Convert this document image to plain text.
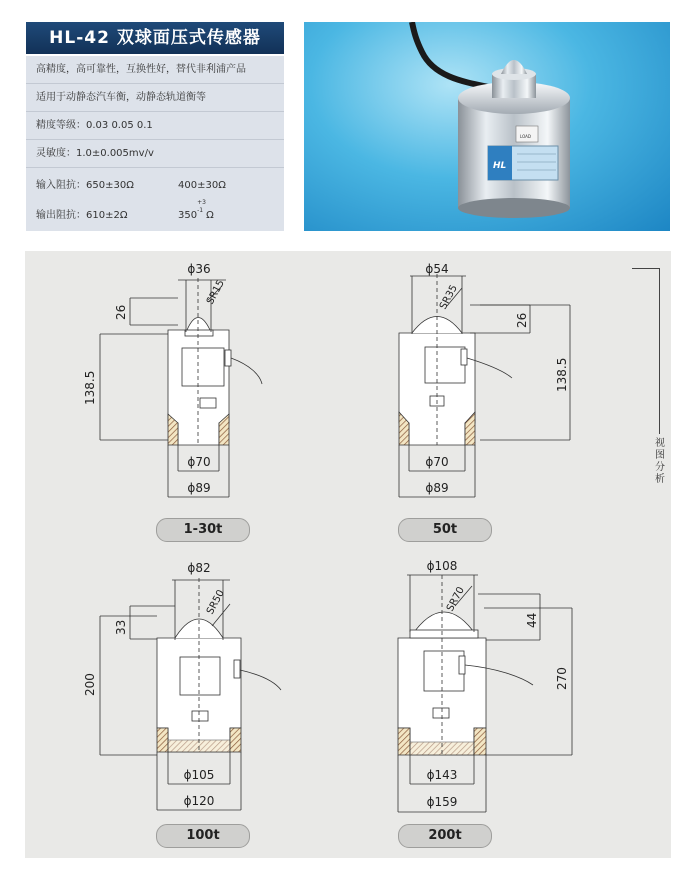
HL-42 双球面压式传感器
高精度，高可靠性，互换性好，替代非利浦产品
适用于动静态汽车衡，动静态轨道衡等
精度等级：0.03 0.05 0.1
灵敏度：1.0±0.005mv/v
输入阻抗：650±30Ω	400±30Ω
输出阻抗：610±2Ω	350
+3
-1 Ω
HL
LOAD
ϕ36
SR15
26
138.5
ϕ70
ϕ89
ϕ54
SR35
26
138.5
ϕ70
ϕ89
ϕ82
SR50
33
200
ϕ105
ϕ120
ϕ108
SR70
44
270
ϕ143
ϕ159
1-30t	50t
100t	200t
视图分析
